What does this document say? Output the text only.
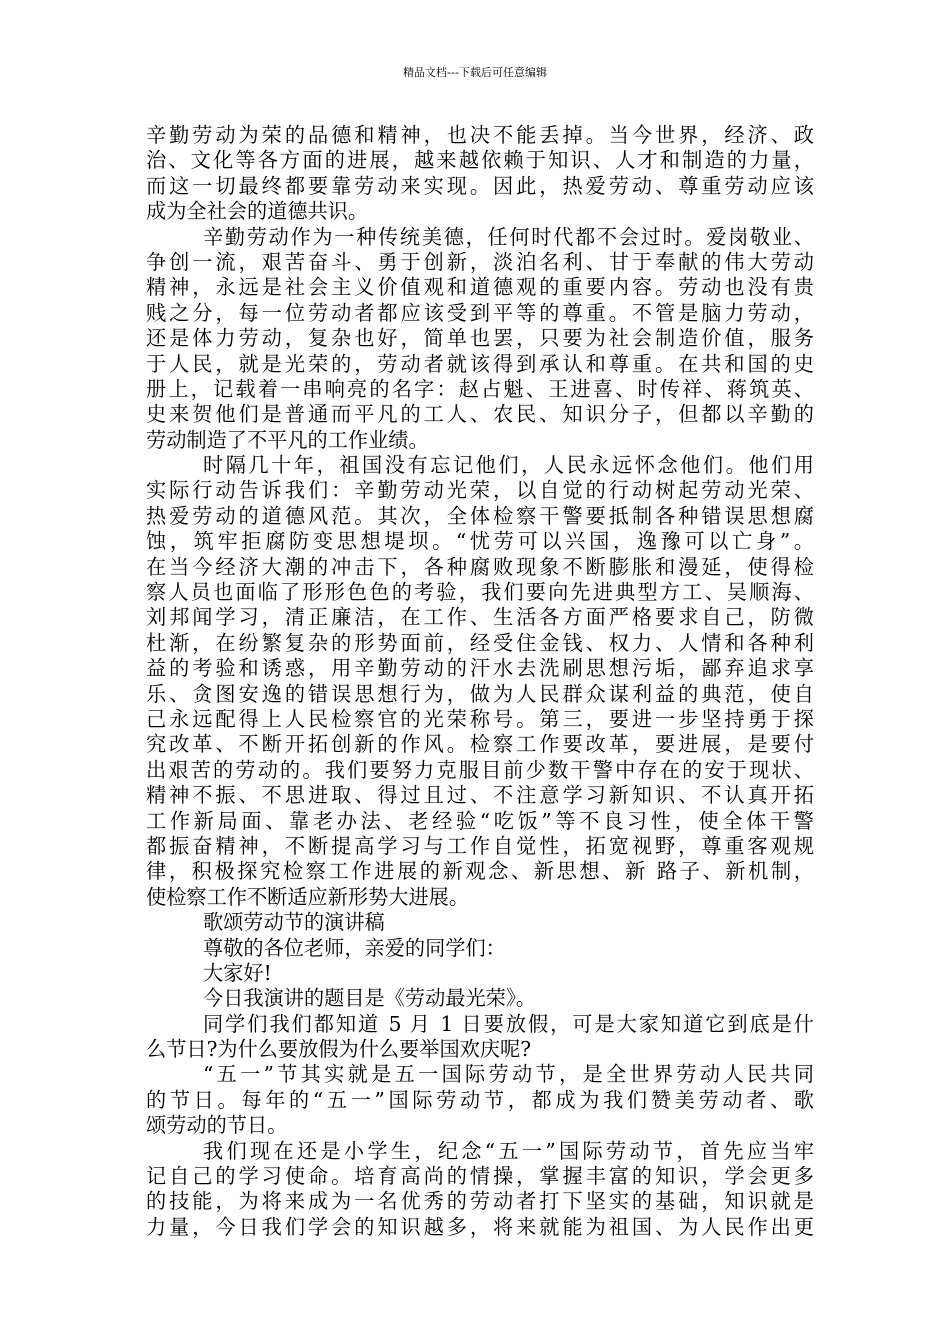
精品文档---下载后可任意编辑
辛勤劳动为荣的品德和精神，也决不能丢掉。当今世界，经济、政
治、文化等各方面的进展，越来越依赖于知识、人才和制造的力量，
而这一切最终都要靠劳动来实现。因此，热爱劳动、尊重劳动应该
成为全社会的道德共识。
辛勤劳动作为一种传统美德，任何时代都不会过时。爱岗敬业、
争创一流，艰苦奋斗、勇于创新，淡泊名利、甘于奉献的伟大劳动
精神，永远是社会主义价值观和道德观的重要内容。劳动也没有贵
贱之分，每一位劳动者都应该受到平等的尊重。不管是脑力劳动，
还是体力劳动，复杂也好，简单也罢，只要为社会制造价值，服务
于人民，就是光荣的，劳动者就该得到承认和尊重。在共和国的史
册上，记载着一串响亮的名字：赵占魁、王进喜、时传祥、蒋筑英、
史来贺他们是普通而平凡的工人、农民、知识分子，但都以辛勤的
劳动制造了不平凡的工作业绩。
时隔几十年，祖国没有忘记他们，人民永远怀念他们。他们用
实际行动告诉我们：辛勤劳动光荣，以自觉的行动树起劳动光荣、
热爱劳动的道德风范。其次，全体检察干警要抵制各种错误思想腐
蚀，筑牢拒腐防变思想堤坝。“忧劳可以兴国，逸豫可以亡身”。
在当今经济大潮的冲击下，各种腐败现象不断膨胀和漫延，使得检
察人员也面临了形形色色的考验，我们要向先进典型方工、吴顺海、
刘邦闻学习，清正廉洁，在工作、生活各方面严格要求自己，防微
杜渐，在纷繁复杂的形势面前，经受住金钱、权力、人情和各种利
益的考验和诱惑，用辛勤劳动的汗水去洗刷思想污垢，鄙弃追求享
乐、贪图安逸的错误思想行为，做为人民群众谋利益的典范，使自
己永远配得上人民检察官的光荣称号。第三，要进一步坚持勇于探
究改革、不断开拓创新的作风。检察工作要改革，要进展，是要付
出艰苦的劳动的。我们要努力克服目前少数干警中存在的安于现状、
精神不振、不思进取、得过且过、不注意学习新知识、不认真开拓
工作新局面、靠老办法、老经验“吃饭”等不良习性，使全体干警
都振奋精神，不断提高学习与工作自觉性，拓宽视野，尊重客观规
律，积极探究检察工作进展的新观念、新思想、新 路子、新机制，
使检察工作不断适应新形势大进展。
歌颂劳动节的演讲稿
尊敬的各位老师，亲爱的同学们：
大家好!
今日我演讲的题目是《劳动最光荣》。
同学们我们都知道 5 月 1 日要放假，可是大家知道它到底是什
么节日?为什么要放假为什么要举国欢庆呢?
“五一”节其实就是五一国际劳动节，是全世界劳动人民共同
的节日。每年的“五一”国际劳动节，都成为我们赞美劳动者、歌
颂劳动的节日。
我们现在还是小学生，纪念“五一”国际劳动节，首先应当牢
记自己的学习使命。培育高尚的情操，掌握丰富的知识，学会更多
的技能，为将来成为一名优秀的劳动者打下坚实的基础，知识就是
力量，今日我们学会的知识越多，将来就能为祖国、为人民作出更
